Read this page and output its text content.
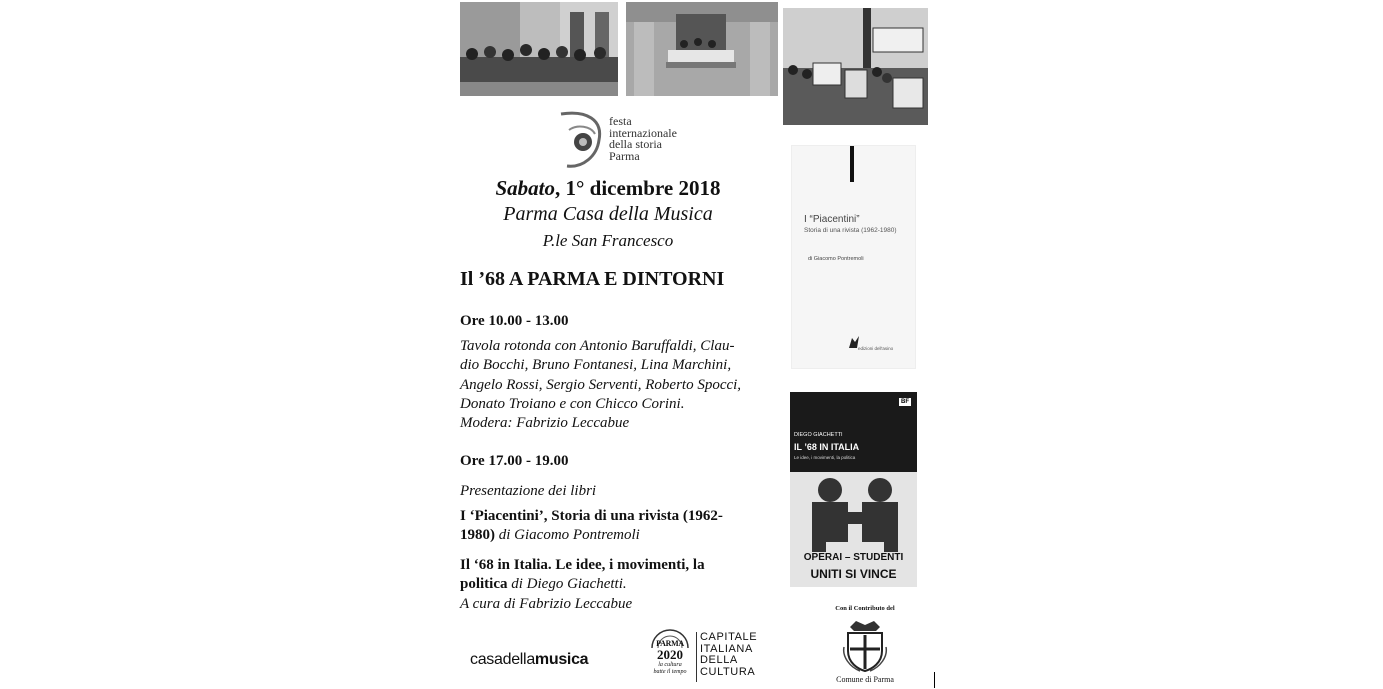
festa
internazionale
della storia
Parma
Sabato, 1° dicembre 2018
Parma Casa della Musica
P.le San Francesco
Il ’68 A PARMA E DINTORNI
Ore 10.00 - 13.00
Tavola rotonda con Antonio Baruffaldi, Clau-
dio Bocchi, Bruno Fontanesi, Lina Marchini,
Angelo Rossi, Sergio Serventi, Roberto Spocci,
Donato Troiano e con Chicco Corini.
Modera: Fabrizio Leccabue
Ore 17.00 - 19.00
Presentazione dei libri
I ‘Piacentini’, Storia di una rivista (1962-
1980) di Giacomo Pontremoli
Il ‘68 in Italia. Le idee, i movimenti, la
politica di Diego Giachetti.
A cura di Fabrizio Leccabue
I “Piacentini”
Storia di una rivista (1962-1980)
di Giacomo Pontremoli
edizioni dell'asino
BF
DIEGO GIACHETTI
IL ’68 IN ITALIA
Le idee, i movimenti, la politica
OPERAI – STUDENTI
UNITI SI VINCE
casadellamusica
PARMA
2020
la cultura
batte il tempo
CAPITALE
ITALIANA
DELLA
CULTURA
Con il Contributo del
Comune di Parma
